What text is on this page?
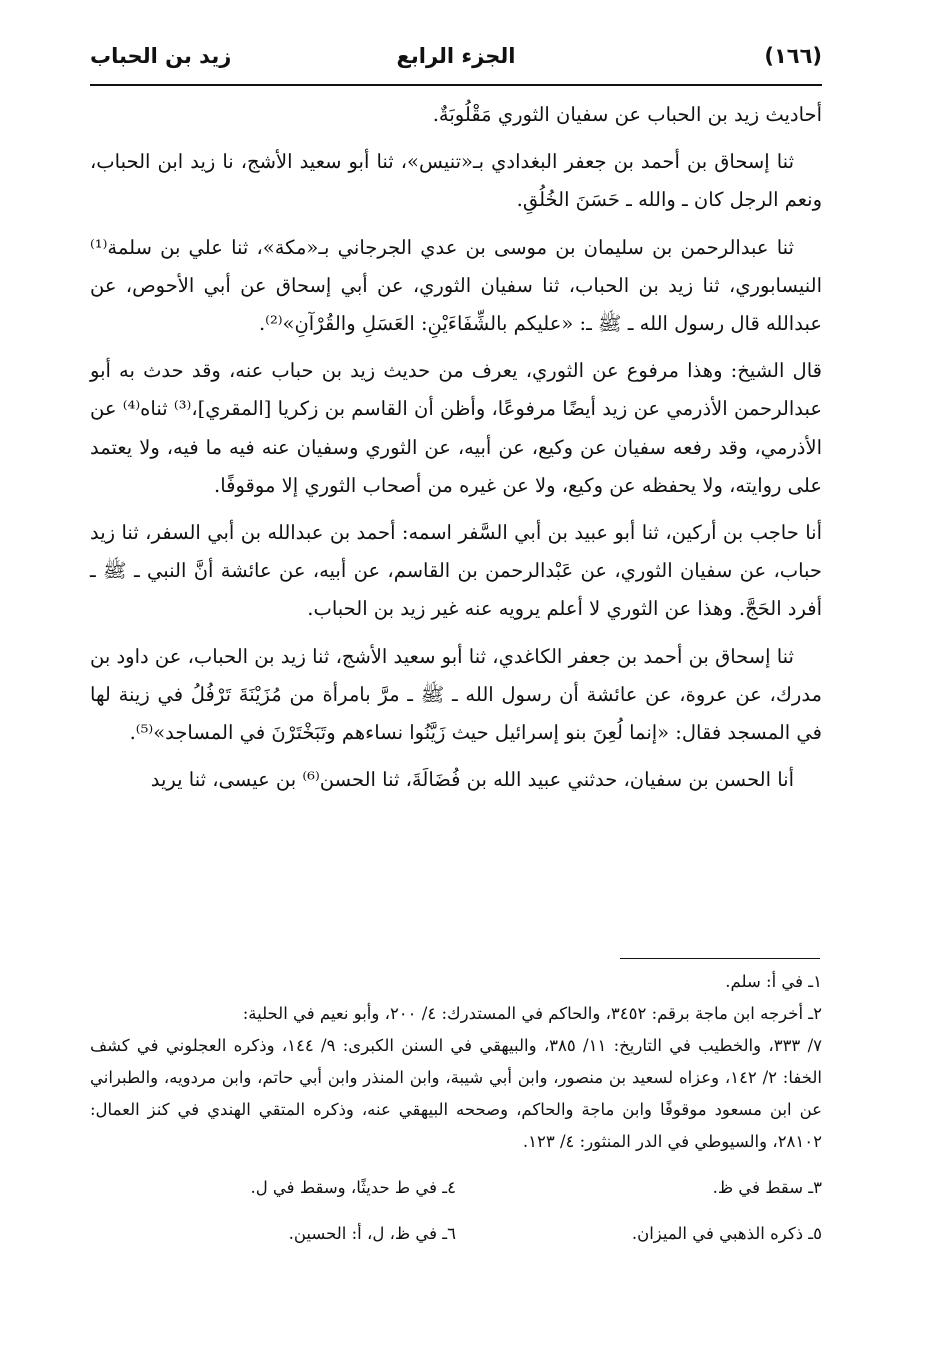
(١٦٦)
الجزء الرابع
زيد بن الحباب

أحاديث زيد بن الحباب عن سفيان الثوري مَقْلُوبَةٌ.

ثنا إسحاق بن أحمد بن جعفر البغدادي بـ«تنيس»، ثنا أبو سعيد الأشج، نا زيد ابن الحباب، ونعم الرجل كان ـ والله ـ حَسَنَ الخُلُقِ.

ثنا عبدالرحمن بن سليمان بن موسى بن عدي الجرجاني بـ«مكة»، ثنا علي بن سلمة⁽¹⁾ النيسابوري، ثنا زيد بن الحباب، ثنا سفيان الثوري، عن أبي إسحاق عن أبي الأحوص، عن عبدالله قال رسول الله ـ ﷺ ـ: «عليكم بالشِّفَاءَيْنِ: العَسَلِ والقُرْآنِ»⁽²⁾.

قال الشيخ: وهذا مرفوع عن الثوري، يعرف من حديث زيد بن حباب عنه، وقد حدث به أبو عبدالرحمن الأذرمي عن زيد أيضًا مرفوعًا، وأظن أن القاسم بن زكريا [المقري]،⁽³⁾ ثناه⁽⁴⁾ عن الأذرمي، وقد رفعه سفيان عن وكيع، عن أبيه، عن الثوري وسفيان عنه فيه ما فيه، ولا يعتمد على روايته، ولا يحفظه عن وكيع، ولا عن غيره من أصحاب الثوري إلا موقوفًا.

أنا حاجب بن أركين، ثنا أبو عبيد بن أبي السَّفر اسمه: أحمد بن عبدالله بن أبي السفر، ثنا زيد حباب، عن سفيان الثوري، عن عَبْدالرحمن بن القاسم، عن أبيه، عن عائشة أنَّ النبي ـ ﷺ ـ أفرد الحَجَّ. وهذا عن الثوري لا أعلم يرويه عنه غير زيد بن الحباب.

ثنا إسحاق بن أحمد بن جعفر الكاغدي، ثنا أبو سعيد الأشج، ثنا زيد بن الحباب، عن داود بن مدرك، عن عروة، عن عائشة أن رسول الله ـ ﷺ ـ مرَّ بامرأة من مُزَيْنَةَ تَرْفُلُ في زينة لها في المسجد فقال: «إنما لُعِنَ بنو إسرائيل حيث زَيَّنُوا نساءهم وتَبَخْتَرْنَ في المساجد»⁽⁵⁾.

أنا الحسن بن سفيان، حدثني عبيد الله بن فُضَالَةَ، ثنا الحسن⁽⁶⁾ بن عيسى، ثنا يريد

١ـ في أ: سلم.

٢ـ أخرجه ابن ماجة برقم: ٣٤٥٢، والحاكم في المستدرك: ٤/ ٢٠٠، وأبو نعيم في الحلية:

٧/ ٣٣٣، والخطيب في التاريخ: ١١/ ٣٨٥، والبيهقي في السنن الكبرى: ٩/ ١٤٤، وذكره العجلوني في كشف الخفا: ٢/ ١٤٢، وعزاه لسعيد بن منصور، وابن أبي شيبة، وابن المنذر وابن أبي حاتم، وابن مردويه، والطبراني عن ابن مسعود موقوفًا وابن ماجة والحاكم، وصححه البيهقي عنه، وذكره المتقي الهندي في كنز العمال: ٢٨١٠٢، والسيوطي في الدر المنثور: ٤/ ١٢٣.

٣ـ سقط في ظ.
٤ـ في ط حديثًا، وسقط في ل.
٥ـ ذكره الذهبي في الميزان.
٦ـ في ظ، ل، أ: الحسين.
